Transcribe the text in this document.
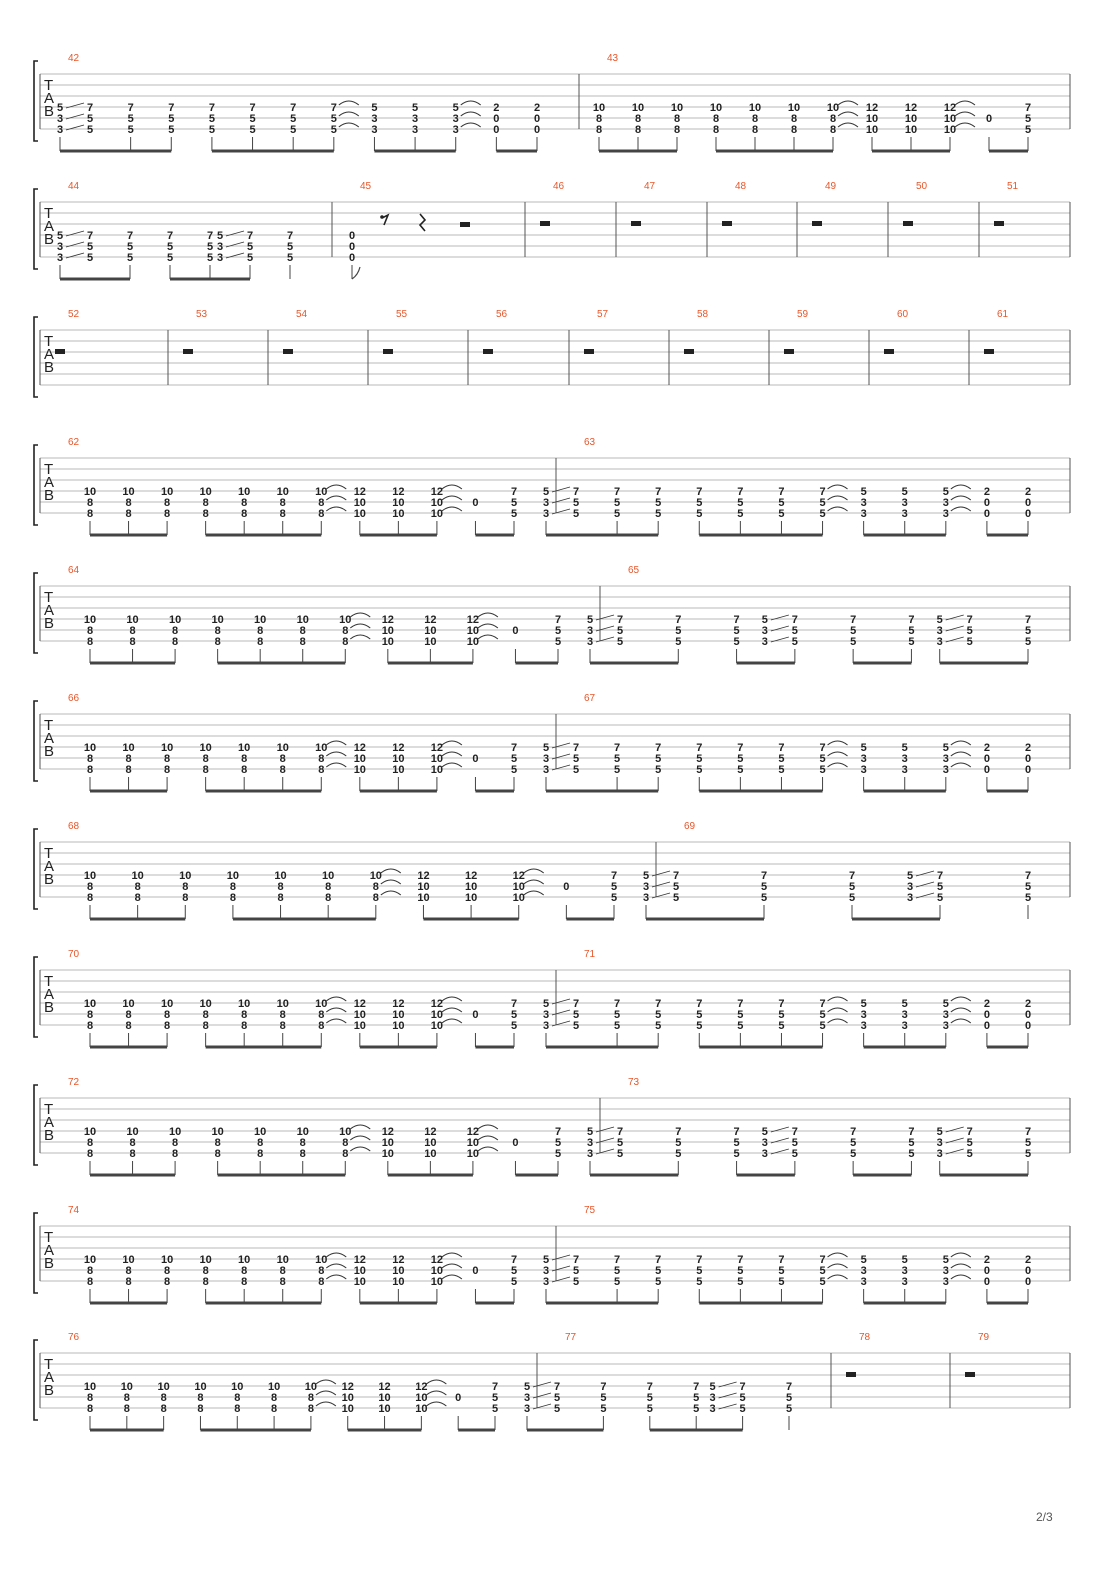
T
A
B
42
5
3
3
7
5
5
7
5
5
7
5
5
7
5
5
7
5
5
7
5
5
7
5
5
5
3
3
5
3
3
5
3
3
2
0
0
2
0
0
43
10
8
8
10
8
8
10
8
8
10
8
8
10
8
8
10
8
8
10
8
8
12
10
10
12
10
10
12
10
10
0
7
5
5
T
A
B
44
5
3
3
7
5
5
7
5
5
7
5
5
7
5
5
5
3
3
7
5
5
7
5
5
45
0
0
0
46	47	48	49	50	51
T
A
B
52	53	54	55	56	57	58	59	60	61
T
A
B
62
10
8
8
10
8
8
10
8
8
10
8
8
10
8
8
10
8
8
10
8
8
12
10
10
12
10
10
12
10
10
0
7
5
5
63
5
3
3
7
5
5
7
5
5
7
5
5
7
5
5
7
5
5
7
5
5
7
5
5
5
3
3
5
3
3
5
3
3
2
0
0
2
0
0
T
A
B
64
10
8
8
10
8
8
10
8
8
10
8
8
10
8
8
10
8
8
10
8
8
12
10
10
12
10
10
12
10
10
0
7
5
5
65
5
3
3
7
5
5
7
5
5
7
5
5
5
3
3
7
5
5
7
5
5
7
5
5
5
3
3
7
5
5
7
5
5
T
A
B
66
10
8
8
10
8
8
10
8
8
10
8
8
10
8
8
10
8
8
10
8
8
12
10
10
12
10
10
12
10
10
0
7
5
5
67
5
3
3
7
5
5
7
5
5
7
5
5
7
5
5
7
5
5
7
5
5
7
5
5
5
3
3
5
3
3
5
3
3
2
0
0
2
0
0
T
A
B
68
10
8
8
10
8
8
10
8
8
10
8
8
10
8
8
10
8
8
10
8
8
12
10
10
12
10
10
12
10
10
0
7
5
5
69
5
3
3
7
5
5
7
5
5
7
5
5
5
3
3
7
5
5
7
5
5
T
A
B
70
10
8
8
10
8
8
10
8
8
10
8
8
10
8
8
10
8
8
10
8
8
12
10
10
12
10
10
12
10
10
0
7
5
5
71
5
3
3
7
5
5
7
5
5
7
5
5
7
5
5
7
5
5
7
5
5
7
5
5
5
3
3
5
3
3
5
3
3
2
0
0
2
0
0
T
A
B
72
10
8
8
10
8
8
10
8
8
10
8
8
10
8
8
10
8
8
10
8
8
12
10
10
12
10
10
12
10
10
0
7
5
5
73
5
3
3
7
5
5
7
5
5
7
5
5
5
3
3
7
5
5
7
5
5
7
5
5
5
3
3
7
5
5
7
5
5
T
A
B
74
10
8
8
10
8
8
10
8
8
10
8
8
10
8
8
10
8
8
10
8
8
12
10
10
12
10
10
12
10
10
0
7
5
5
75
5
3
3
7
5
5
7
5
5
7
5
5
7
5
5
7
5
5
7
5
5
7
5
5
5
3
3
5
3
3
5
3
3
2
0
0
2
0
0
T
A
B
76
10
8
8
10
8
8
10
8
8
10
8
8
10
8
8
10
8
8
10
8
8
12
10
10
12
10
10
12
10
10
0
7
5
5
77
5
3
3
7
5
5
7
5
5
7
5
5
7
5
5
5
3
3
7
5
5
7
5
5
78	79
2/3
